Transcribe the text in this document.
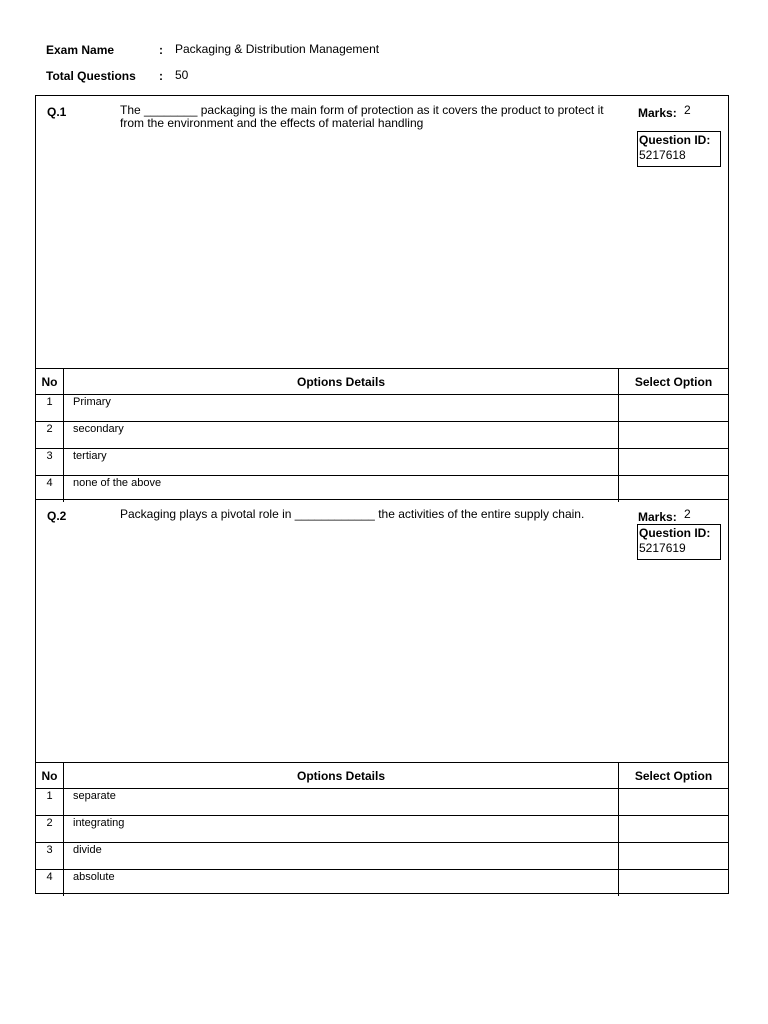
Exam Name	: Packaging & Distribution Management
Total Questions : 50
Q.1	The ________ packaging is the main form of protection as it covers the product to protect it from the environment and the effects of material handling
Marks: 2
Question ID:
5217618
No	Options Details	Select Option
1	Primary	
2	secondary	
3	tertiary	
4	none of the above	
Q.2	Packaging plays a pivotal role in ____________ the activities of the entire supply chain.	Marks: 2
Question ID:
5217619
No	Options Details	Select Option
1	separate	
2	integrating	
3	divide	
4	absolute	
